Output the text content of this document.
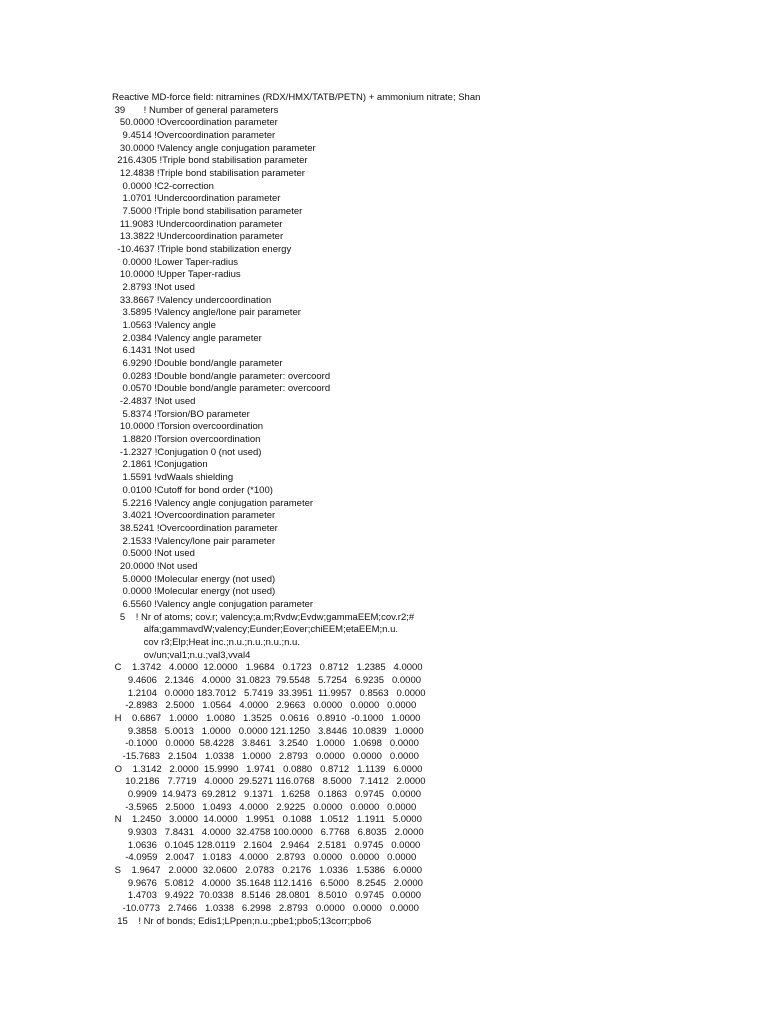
Reactive MD-force field: nitramines (RDX/HMX/TATB/PETN) + ammonium nitrate; Shan
39       ! Number of general parameters
50.0000 !Overcoordination parameter
9.4514 !Overcoordination parameter
30.0000 !Valency angle conjugation parameter
216.4305 !Triple bond stabilisation parameter
12.4838 !Triple bond stabilisation parameter
0.0000 !C2-correction
1.0701 !Undercoordination parameter
7.5000 !Triple bond stabilisation parameter
11.9083 !Undercoordination parameter
13.3822 !Undercoordination parameter
-10.4637 !Triple bond stabilization energy
0.0000 !Lower Taper-radius
10.0000 !Upper Taper-radius
2.8793 !Not used
33.8667 !Valency undercoordination
3.5895 !Valency angle/lone pair parameter
1.0563 !Valency angle
2.0384 !Valency angle parameter
6.1431 !Not used
6.9290 !Double bond/angle parameter
0.0283 !Double bond/angle parameter: overcoord
0.0570 !Double bond/angle parameter: overcoord
-2.4837 !Not used
5.8374 !Torsion/BO parameter
10.0000 !Torsion overcoordination
1.8820 !Torsion overcoordination
-1.2327 !Conjugation 0 (not used)
2.1861 !Conjugation
1.5591 !vdWaals shielding
0.0100 !Cutoff for bond order (*100)
5.2216 !Valency angle conjugation parameter
3.4021 !Overcoordination parameter
38.5241 !Overcoordination parameter
2.1533 !Valency/lone pair parameter
0.5000 !Not used
20.0000 !Not used
5.0000 !Molecular energy (not used)
0.0000 !Molecular energy (not used)
6.5560 !Valency angle conjugation parameter
5    ! Nr of atoms; cov.r; valency;a.m;Rvdw;Evdw;gammaEEM;cov.r2;#
alfa;gammavdW;valency;Eunder;Eover;chiEEM;etaEEM;n.u.
cov r3;Elp;Heat inc.;n.u.;n.u.;n.u.;n.u.
ov/un;val1;n.u.;val3,vval4
C    1.3742   4.0000  12.0000   1.9684   0.1723   0.8712   1.2385   4.0000
9.4606   2.1346   4.0000  31.0823  79.5548   5.7254   6.9235   0.0000
1.2104   0.0000 183.7012   5.7419  33.3951  11.9957   0.8563   0.0000
-2.8983   2.5000   1.0564   4.0000   2.9663   0.0000   0.0000   0.0000
H    0.6867   1.0000   1.0080   1.3525   0.0616   0.8910  -0.1000   1.0000
9.3858   5.0013   1.0000   0.0000 121.1250   3.8446  10.0839   1.0000
-0.1000   0.0000  58.4228   3.8461   3.2540   1.0000   1.0698   0.0000
-15.7683   2.1504   1.0338   1.0000   2.8793   0.0000   0.0000   0.0000
O    1.3142   2.0000  15.9990   1.9741   0.0880   0.8712   1.1139   6.0000
10.2186   7.7719   4.0000  29.5271 116.0768   8.5000   7.1412   2.0000
0.9909  14.9473  69.2812   9.1371   1.6258   0.1863   0.9745   0.0000
-3.5965   2.5000   1.0493   4.0000   2.9225   0.0000   0.0000   0.0000
N    1.2450   3.0000  14.0000   1.9951   0.1088   1.0512   1.1911   5.0000
9.9303   7.8431   4.0000  32.4758 100.0000   6.7768   6.8035   2.0000
1.0636   0.1045 128.0119   2.1604   2.9464   2.5181   0.9745   0.0000
-4.0959   2.0047   1.0183   4.0000   2.8793   0.0000   0.0000   0.0000
S    1.9647   2.0000  32.0600   2.0783   0.2176   1.0336   1.5386   6.0000
9.9676   5.0812   4.0000  35.1648 112.1416   6.5000   8.2545   2.0000
1.4703   9.4922  70.0338   8.5146  28.0801   8.5010   0.9745   0.0000
-10.0773   2.7466   1.0338   6.2998   2.8793   0.0000   0.0000   0.0000
15    ! Nr of bonds; Edis1;LPpen;n.u.;pbe1;pbo5;13corr;pbo6
